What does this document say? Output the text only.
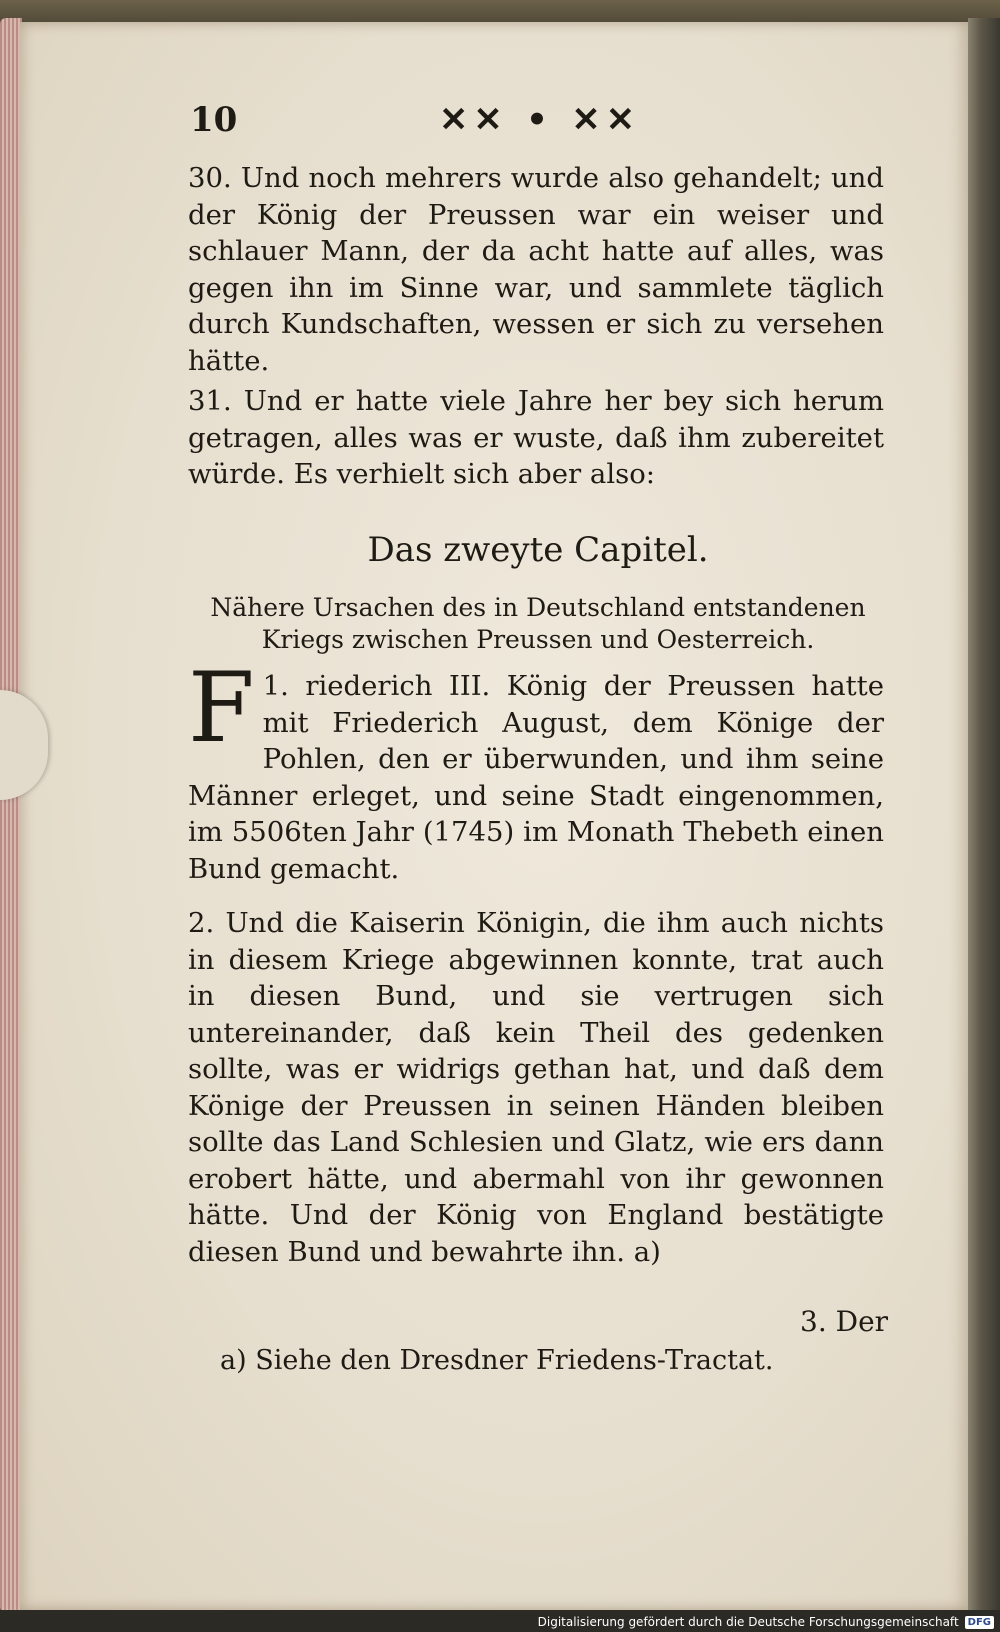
10	✕✕ • ✕✕
30. Und noch mehrers wurde also gehandelt; und der König der Preussen war ein weiser und schlauer Mann, der da acht hatte auf alles, was gegen ihn im Sinne war, und sammlete täglich durch Kundschaften, wessen er sich zu versehen hätte.
31. Und er hatte viele Jahre her bey sich herum getragen, alles was er wuste, daß ihm zubereitet würde. Es verhielt sich aber also:
Das zweyte Capitel.
Nähere Ursachen des in Deutschland entstandenen Kriegs zwischen Preussen und Oesterreich.
1.
F riederich III. König der Preussen hatte mit Friederich August, dem Könige der Pohlen, den er überwunden, und ihm seine Männer erleget, und seine Stadt eingenommen, im 5506ten Jahr (1745) im Monath Thebeth einen Bund gemacht.
2. Und die Kaiserin Königin, die ihm auch nichts in diesem Kriege abgewinnen konnte, trat auch in diesen Bund, und sie vertrugen sich untereinander, daß kein Theil des gedenken sollte, was er widrigs gethan hat, und daß dem Könige der Preussen in seinen Händen bleiben sollte das Land Schlesien und Glatz, wie ers dann erobert hätte, und abermahl von ihr gewonnen hätte. Und der König von England bestätigte diesen Bund und bewahrte ihn. a)
3. Der
a) Siehe den Dresdner Friedens-Tractat.
Digitalisierung gefördert durch die Deutsche Forschungsgemeinschaft DFG
